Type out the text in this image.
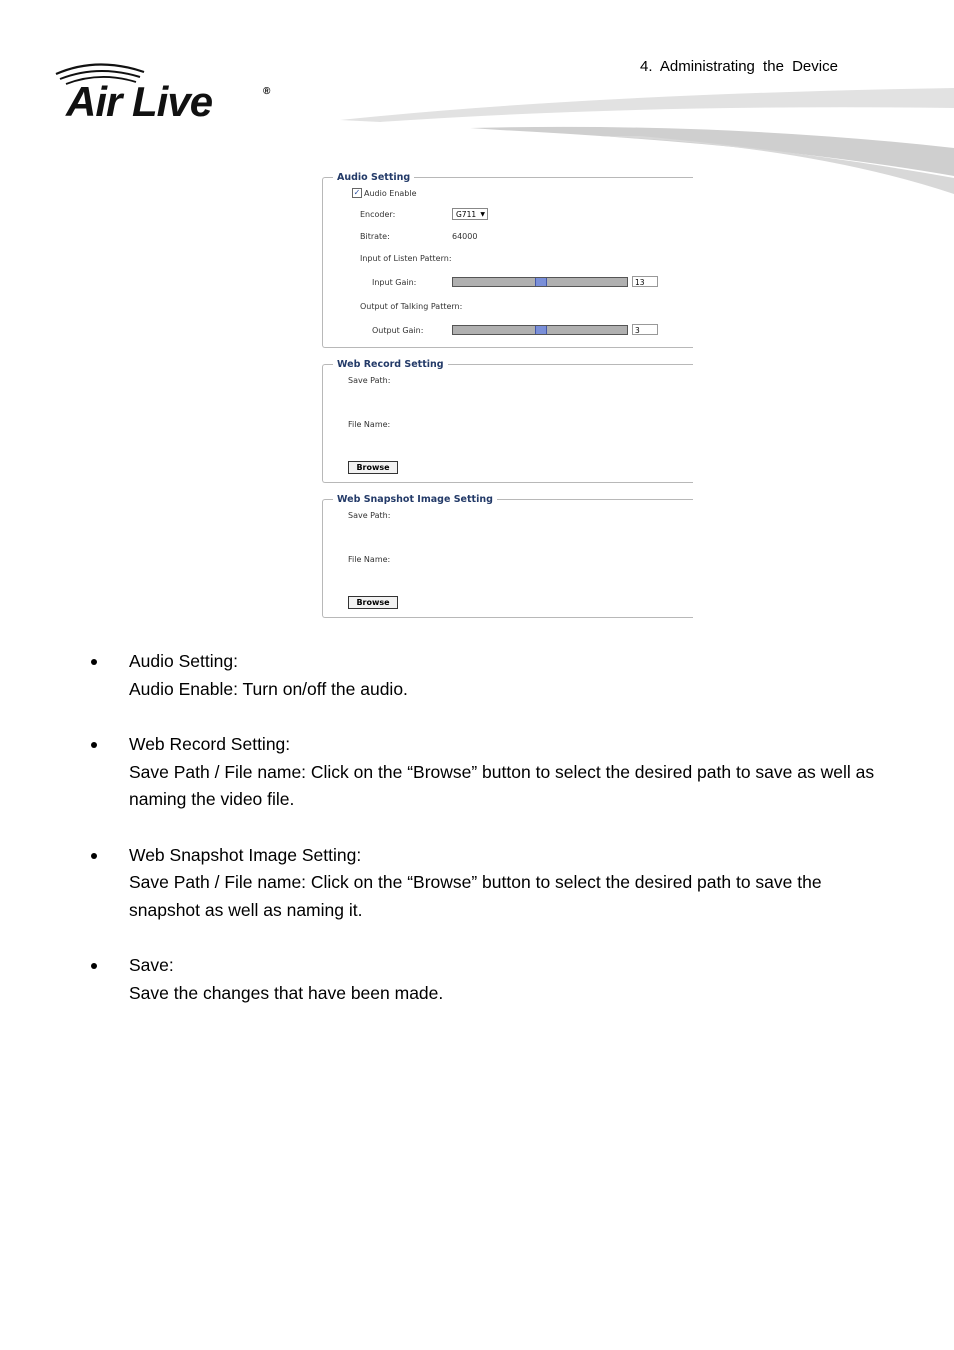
4. Administrating the Device
Air Live	®
Audio Setting
✓ Audio Enable
Encoder:	G711 ▼
Bitrate:	64000
Input of Listen Pattern:
Input Gain:	13
Output of Talking Pattern:
Output Gain:	3
Web Record Setting
Save Path:
File Name:
Browse
Web Snapshot Image Setting
Save Path:
File Name:
Browse

Audio Setting:

Audio Enable: Turn on/off the audio.

Web Record Setting:

Save Path / File name: Click on the “Browse” button to select the desired path to save as well as naming the video file.

Web Snapshot Image Setting:

Save Path / File name: Click on the “Browse” button to select the desired path to save the snapshot as well as naming it.

Save:

Save the changes that have been made.
